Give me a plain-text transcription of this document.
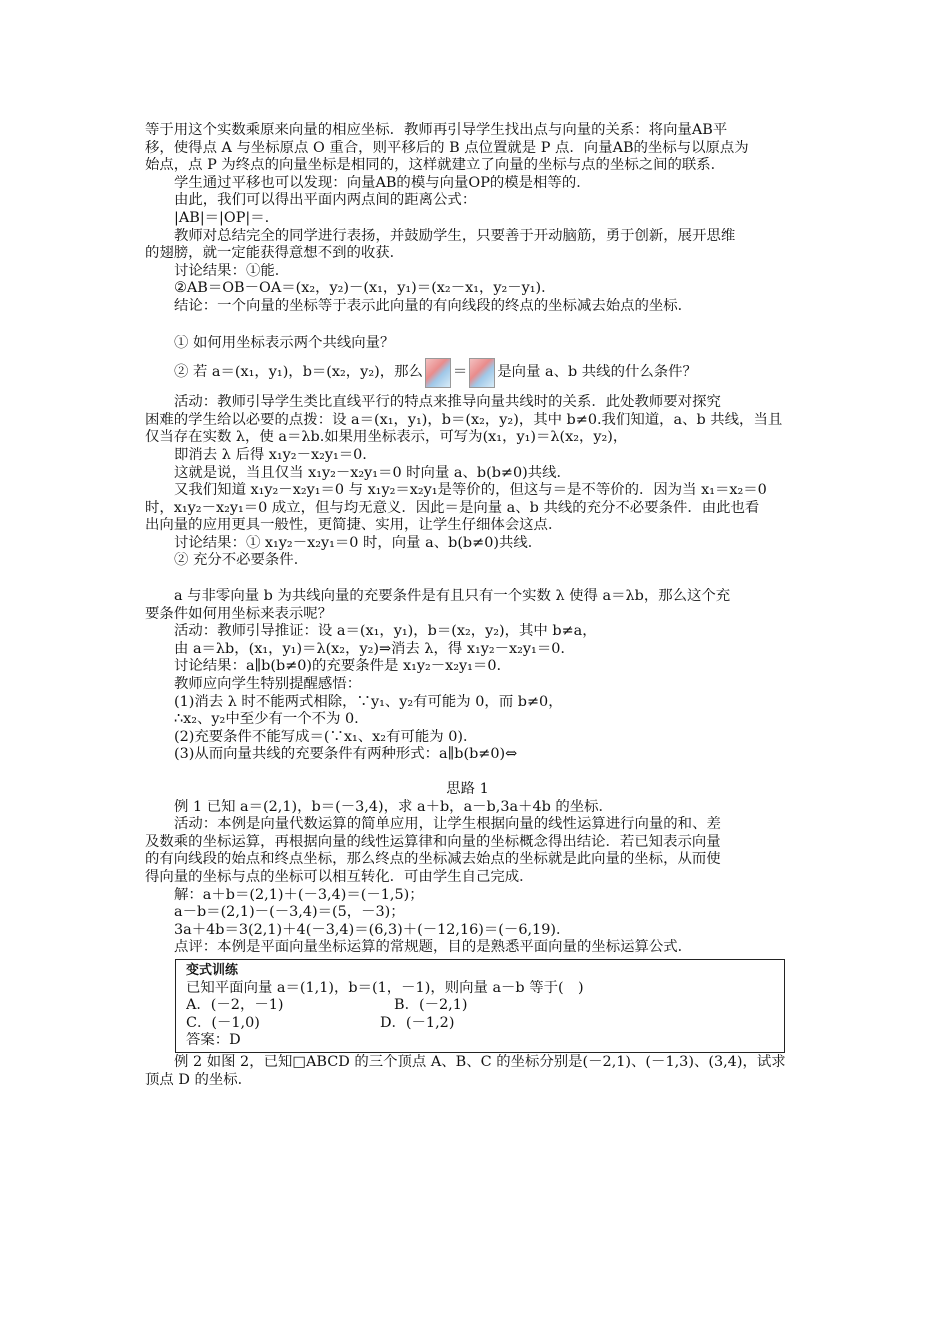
等于用这个实数乘原来向量的相应坐标．教师再引导学生找出点与向量的关系：将向量AB平
移，使得点 A 与坐标原点 O 重合，则平移后的 B 点位置就是 P 点．向量AB的坐标与以原点为
始点，点 P 为终点的向量坐标是相同的，这样就建立了向量的坐标与点的坐标之间的联系．
学生通过平移也可以发现：向量AB的模与向量OP的模是相等的．
由此，我们可以得出平面内两点间的距离公式：
|AB|＝|OP|＝.
教师对总结完全的同学进行表扬，并鼓励学生，只要善于开动脑筋，勇于创新，展开思维
的翅膀，就一定能获得意想不到的收获．
讨论结果：①能．
②AB＝OB－OA＝(x₂，y₂)－(x₁，y₁)＝(x₂－x₁，y₂－y₁)．
结论：一个向量的坐标等于表示此向量的有向线段的终点的坐标减去始点的坐标．
① 如何用坐标表示两个共线向量？
② 若 a＝(x₁，y₁)，b＝(x₂，y₂)，那么 ＝ 是向量 a、b 共线的什么条件？
活动：教师引导学生类比直线平行的特点来推导向量共线时的关系．此处教师要对探究
困难的学生给以必要的点拨：设 a＝(x₁，y₁)，b＝(x₂，y₂)，其中 b≠0.我们知道，a、b 共线，当且
仅当存在实数 λ，使 a＝λb.如果用坐标表示，可写为(x₁，y₁)＝λ(x₂，y₂)，
即消去 λ 后得 x₁y₂－x₂y₁＝0.
这就是说，当且仅当 x₁y₂－x₂y₁＝0 时向量 a、b(b≠0)共线．
又我们知道 x₁y₂－x₂y₁＝0 与 x₁y₂＝x₂y₁是等价的，但这与＝是不等价的．因为当 x₁＝x₂＝0
时，x₁y₂－x₂y₁＝0 成立，但与均无意义．因此＝是向量 a、b 共线的充分不必要条件．由此也看
出向量的应用更具一般性，更简捷、实用，让学生仔细体会这点．
讨论结果：① x₁y₂－x₂y₁＝0 时，向量 a、b(b≠0)共线．
② 充分不必要条件．
a 与非零向量 b 为共线向量的充要条件是有且只有一个实数 λ 使得 a＝λb，那么这个充
要条件如何用坐标来表示呢？
活动：教师引导推证：设 a＝(x₁，y₁)，b＝(x₂，y₂)，其中 b≠a，
由 a＝λb，(x₁，y₁)＝λ(x₂，y₂)⇒消去 λ，得 x₁y₂－x₂y₁＝0.
讨论结果：a∥b(b≠0)的充要条件是 x₁y₂－x₂y₁＝0.
教师应向学生特别提醒感悟：
(1)消去 λ 时不能两式相除，∵y₁、y₂有可能为 0，而 b≠0，
∴x₂、y₂中至少有一个不为 0.
(2)充要条件不能写成＝(∵x₁、x₂有可能为 0)．
(3)从而向量共线的充要条件有两种形式：a∥b(b≠0)⇔
思路 1
例 1 已知 a＝(2,1)，b＝(－3,4)，求 a＋b，a－b,3a＋4b 的坐标．
活动：本例是向量代数运算的简单应用，让学生根据向量的线性运算进行向量的和、差
及数乘的坐标运算，再根据向量的线性运算律和向量的坐标概念得出结论．若已知表示向量
的有向线段的始点和终点坐标，那么终点的坐标减去始点的坐标就是此向量的坐标，从而使
得向量的坐标与点的坐标可以相互转化．可由学生自己完成．
解：a＋b＝(2,1)＋(－3,4)＝(－1,5)；
a－b＝(2,1)－(－3,4)＝(5，－3)；
3a＋4b＝3(2,1)＋4(－3,4)＝(6,3)＋(－12,16)＝(－6,19)．
点评：本例是平面向量坐标运算的常规题，目的是熟悉平面向量的坐标运算公式．
变式训练
已知平面向量 a＝(1,1)，b＝(1，－1)，则向量 a－b 等于(　)
A．(－2，－1)	B．(－2,1)
C．(－1,0)	D．(－1,2)
答案：D
例 2 如图 2，已知□ABCD 的三个顶点 A、B、C 的坐标分别是(－2,1)、(－1,3)、(3,4)，试求
顶点 D 的坐标．
